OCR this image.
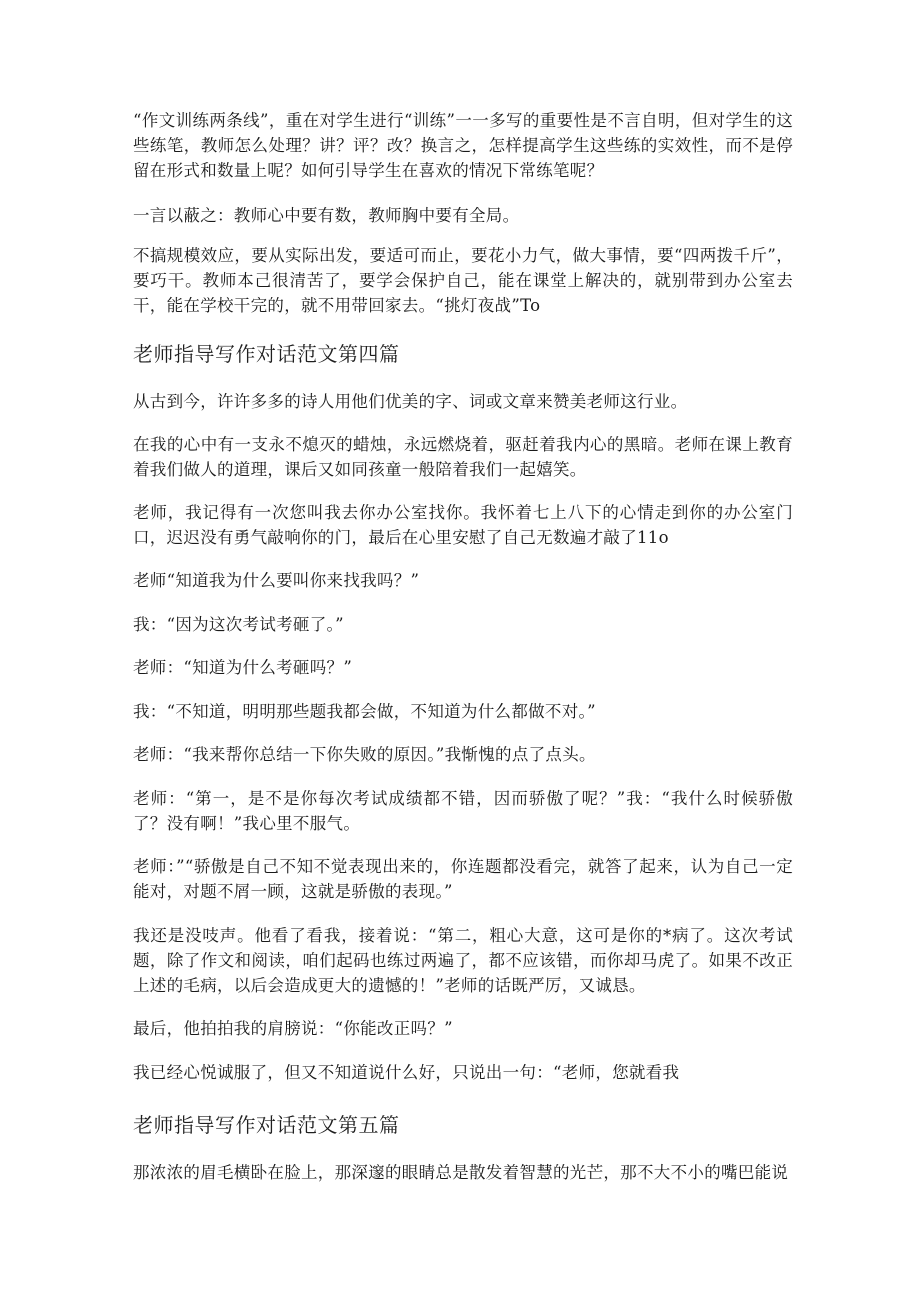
“作文训练两条线”，重在对学生进行“训练”一一多写的重要性是不言自明，但对学生的这些练笔，教师怎么处理？讲？评？改？换言之，怎样提高学生这些练的实效性，而不是停留在形式和数量上呢？如何引导学生在喜欢的情况下常练笔呢？

一言以蔽之：教师心中要有数，教师胸中要有全局。

不搞规模效应，要从实际出发，要适可而止，要花小力气，做大事情，要“四两拨千斤”，要巧干。教师本己很清苦了，要学会保护自己，能在课堂上解决的，就别带到办公室去干，能在学校干完的，就不用带回家去。“挑灯夜战”To

老师指导写作对话范文第四篇

从古到今，许许多多的诗人用他们优美的字、词或文章来赞美老师这行业。

在我的心中有一支永不熄灭的蜡烛，永远燃烧着，驱赶着我内心的黑暗。老师在课上教育着我们做人的道理，课后又如同孩童一般陪着我们一起嬉笑。

老师，我记得有一次您叫我去你办公室找你。我怀着七上八下的心情走到你的办公室门口，迟迟没有勇气敲响你的门，最后在心里安慰了自己无数遍才敲了11o

老师“知道我为什么要叫你来找我吗？”

我：“因为这次考试考砸了。”

老师：“知道为什么考砸吗？”

我：“不知道，明明那些题我都会做，不知道为什么都做不对。”

老师：“我来帮你总结一下你失败的原因。”我惭愧的点了点头。

老师：“第一，是不是你每次考试成绩都不错，因而骄傲了呢？”我：“我什么时候骄傲了？没有啊！”我心里不服气。

老师：”“骄傲是自己不知不觉表现出来的，你连题都没看完，就答了起来，认为自己一定能对，对题不屑一顾，这就是骄傲的表现。”

我还是没吱声。他看了看我，接着说：“第二，粗心大意，这可是你的*病了。这次考试题，除了作文和阅读，咱们起码也练过两遍了，都不应该错，而你却马虎了。如果不改正上述的毛病，以后会造成更大的遗憾的！”老师的话既严厉，又诚恳。

最后，他拍拍我的肩膀说：“你能改正吗？”

我已经心悦诚服了，但又不知道说什么好，只说出一句：“老师，您就看我

老师指导写作对话范文第五篇

那浓浓的眉毛横卧在脸上，那深邃的眼睛总是散发着智慧的光芒，那不大不小的嘴巴能说
